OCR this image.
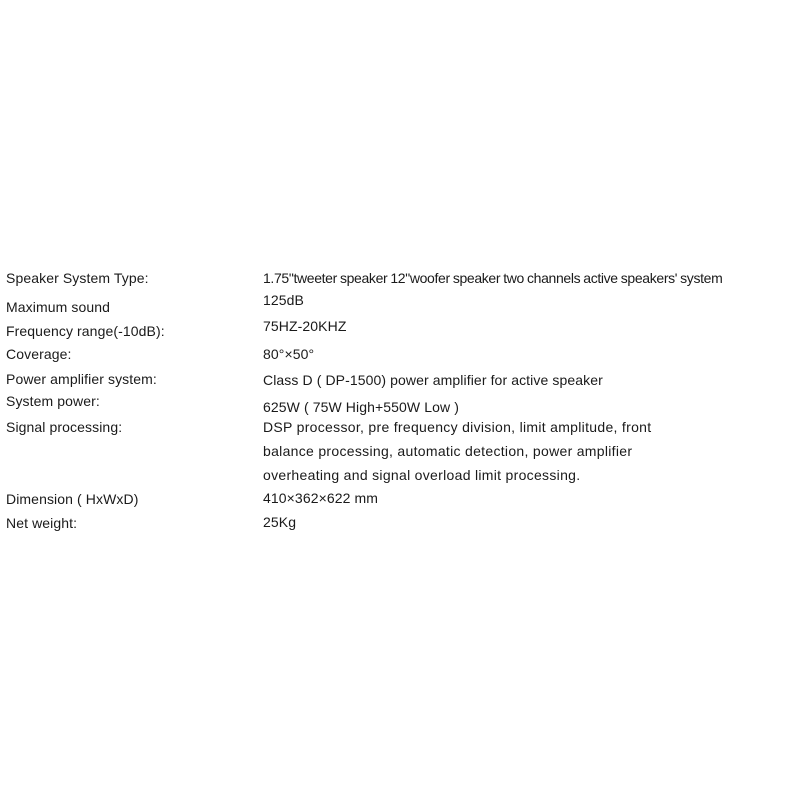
Speaker System Type:	1.75"tweeter speaker 12"woofer speaker two channels active speakers' system
Maximum sound	125dB
Frequency range(-10dB):	75HZ-20KHZ
Coverage:	80°×50°
Power amplifier system:	Class D ( DP-1500) power amplifier for active speaker
System power:	625W ( 75W High+550W Low )
Signal processing:	DSP processor, pre frequency division, limit amplitude, front
balance processing, automatic detection, power amplifier
overheating and signal overload limit processing.
Dimension ( HxWxD)	410×362×622 mm
Net weight:	25Kg
